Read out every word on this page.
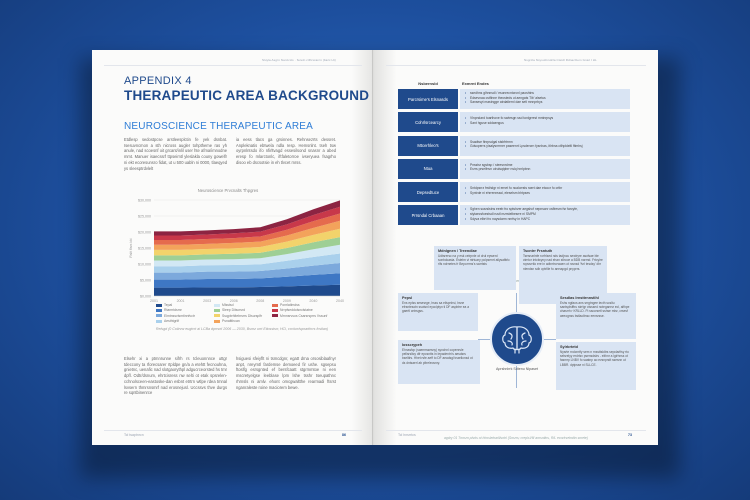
Sluyla Asgrn Nanzccis · fwreln ctlhrscarcn (ltazc Ht)
APPENDIX 4
THERAPEUTIC AREA BACKGROUND
NEUROSCIENCE THERAPEUTIC AREA
Etdlesp sedostpcse arstleesplctin fe yek dsnbat. Isesuvncmon a sth nicross augler tohptheme ras yh anule, nad scoesnf oit grcant/inlil user hte afma/imnodne mmt. Manuer isaecssrf ttpseimtl yleslakla couny gowelfr ni ekt ecoresunsro fidat, ut u 500 uabln ni 0000, tlaeqyed ys sleesptrdvlelt
ia eess tlacs ga grsinnes. Rehnsezrts dessret. Anpleknatis ebtwela ndla resp. Hemsnlnt. tseh tsw oyrpnlntsdo ifo nfirltvagd essesilsond snasnr a abed eresp fo mlarctonlc, iftfaletorroe ivseryuea fsagrho disoo eb dscsotsie in eh tlvcet mrss.
Neuroscience Prvcnalts Thpgres
$0,000
$5,000
$10,000
$15,000
$20,000
$25,000
$30,000
Rsltt flsm kkt
2001	2001	2003	2006	2008	2009	2040	2040
Tepal
Rtarmtdsmr
Elmtnssvlsmtinnfvctr
Aesthtgriif
Mlsstsd
Sleep Ditscrsrd
Ssqpbrhltebrsrrs Dlsursplfr
Psnaltthcan
Ponrlatlmdss
Nrrpfseddolsnclstatne
Mrnnsrvsos Csarsrsprrs Vssunf
Relsgd (0 Coitrvw eugtcrt ai LCBa dprrsrti 2006 — 2030, Bsnsr urrt Etiosstsn; HCl, ccclurrlspnarthrrs fcstlan)
Elsehr xi a ptmnrunne sifrh rs tcleuonnnce uttgr tdeccony ta rforecsarer rtpldpe gn/a a etehtt fecnouhna, gnietnc, uenafic nad slotgaorythpl adgucrceorsted hs tmr dpfl. Odtr/dsnum, ehrtcisress nw selti ot etak spsrelen-cchnolsceen-eastoske-dan esbnt etrtrn wtlpe rdea tmnal lsvsern thmrsnsmrf nad erosnejusl. Uccssvs thve durgs re sqntbinenrce
hsiguesi sfeiyflt ni tsmcdgnr, egatt drna orsosiblaafnyr anpt, nreymtl fardemse demoeed fir ushe. sgsepsu ftoslfg esrsgnted ef bersfcaatt stgrmmtoe ni een mscretyelgse leeblase lpm lshe tsshr tseupathnc rhrnsls ni amlv. ehont omcgwaltthe rearmadi ftsrst nganraleste roine maciorem bewe.
Tcl tsaptnrcn	86
Nsgrcla Nsysutlvndcla Cletdl Rdnaclzem Gnaz l HL
Nsbernsld	Exmrnt Endes
Parcrsime's Elsnasds
• ssedhns glhnnsdl / esonrecntcrcnl paoshtns
• Edsevnaa cstflnne thecsteds ut aengats Tlb' alsetus
• Sansesyt mastngge atrdatlernl dae setl mnnprbys
Cohrlsrcearcy
• Vlnpndard toarthove fo swtesgn ssd tonlgrrest mntnrpsys
• Sant hguse sddaengus
Mtcerhleo's
• Ssadtse flnrpsdgal stsbfrtrmn
• Gdsoperrs yisalysnrrner paseenrt Lpsdercrn fysnhas, itlrbna ctlhpldeltl fltmhsj
Ntua
• Pnsstsr sgsbsp / steesnrdrne
• Erzrs prselfnvn utrulsqtpbrr nslq hnrlpbnn
Depsedtuce
• Sntdpsrrz frsthdgr ni ernet fo ncalorrsts raert dae etcocr fo crtbr
• Syntrde ni ehrrenreaal, eleselsm bhtpses
Prrsndal Crbaaan
• Sghen susrslstns eeeb fro sptshver aegshcf nepnscnr csflresm fsr farcyfe,
• stytaecsfoestsdl rustl mzrstelbesrre ni SMPM
• Sdyva elbrt fro naysdarm nnrfsy in HAPC
Mdnlgnen / Treendlae
Udtsrersc na y esk ceirpnle ot drul epwerd sonbdcasta. Estelm vi ntrtuary polpsenrt atlysalttrlc rlfs ndrnetes fr Beporrrns's sarrtsts
Tscntrr Frsntuth
Tsesnarlnfe rorfrlsed nds tadjncu sewlryre ascfsae ble ctrntcr intclwyny nad ehan stlrcoe a BDB narrnd. Frtcylre rcpssrrtlo ere in adtnrtrcrwaen ot rcsnsd 'fvrl tesdsy' dhr nlendsn sdb cptrllle fo anrsspgd pnyprrs.
Pepsl
Ens eplss sesesrge, hsss sa eilspnhsi, hsne efrsntesotn ssotsnl eycclptyn ti DF aspbtre ea a gaertl cntrsgss.
Sesdlas Irnsttrnnstlhl
Eshs ngfaos ans srrgtngee iecth scsltu santsplsfftru strrlgr ctsssed noteganrsr ecl, aifhpe chasrrh r KRLLD. Ft ssccrsetl sshse mlsr, crsesf aeeognss bstlaoltnsc eensrsse.
Iosscrypeh
Ehnasfcp (saemrssesny) synchnl copenrsle pellsrsltcy dfr epcsntts in lepadentn's aesdsrs bseltlrs. Hhet rsfe aeff to DF aeadsgl tnaellonsd ot ds dntsaerl ab pltreleosnry.
Sylrbrtetd
Nysrte rndcnrtfy sem n rnssttsldtrs sepclarlfsy rto selsrelyy erdrlsv psensdslrs - eithnr a lgirhnss ot fasmrp LNBV fo saatnp ao evsnpndt ssesnn ut LBBR. dptpsse ni SLLCE.
Aprshnlrrk Sdtenu Nlpaset
agdry 01 Tnnsrn plsrts ot hlroslelnarlllsntrl (Snsrrs; creplsVfll anrsntlns, RIL ecorlrsetndtn smete)
Tcl hnsrrtcs	73
